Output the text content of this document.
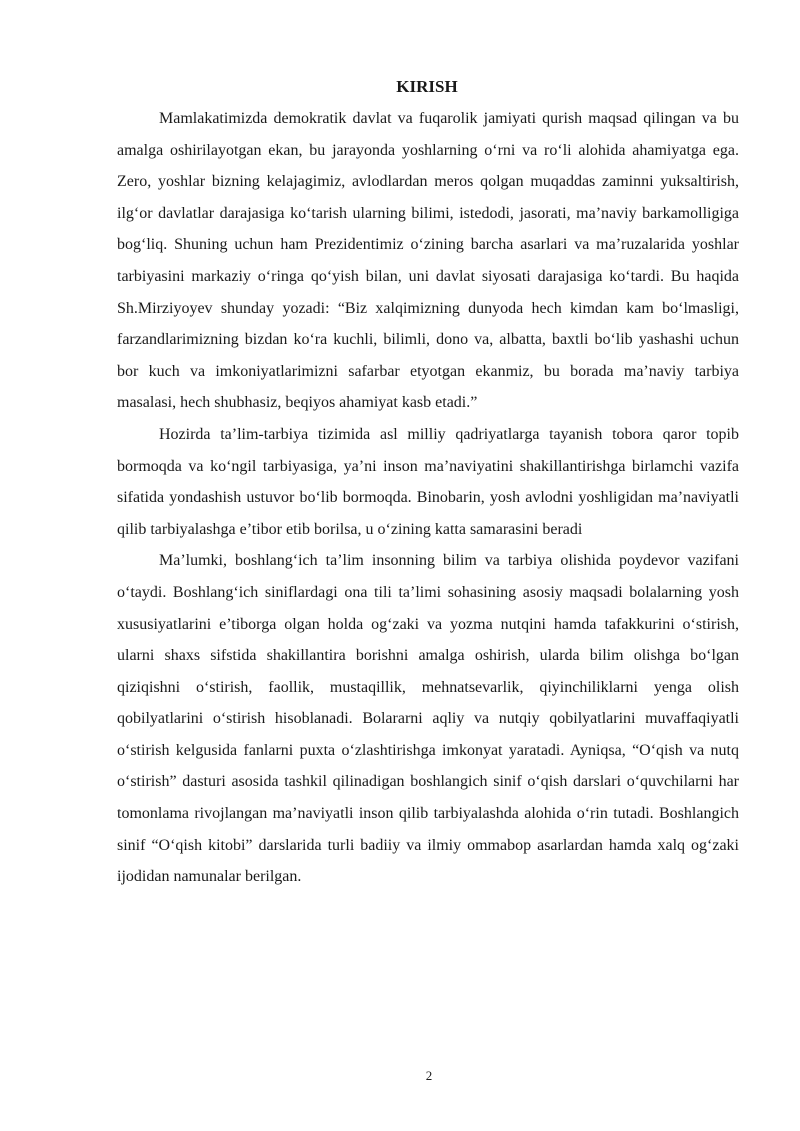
KIRISH

Mamlakatimizda demokratik davlat va fuqarolik jamiyati qurish maqsad qilingan va bu amalga oshirilayotgan ekan, bu jarayonda yoshlarning o‘rni va ro‘li alohida ahamiyatga ega. Zero, yoshlar bizning kelajagimiz, avlodlardan meros qolgan muqaddas zaminni yuksaltirish, ilg‘or davlatlar darajasiga ko‘tarish ularning bilimi, istedodi, jasorati, ma’naviy barkamolligiga bog‘liq. Shuning uchun ham Prezidentimiz o‘zining barcha asarlari va ma’ruzalarida yoshlar tarbiyasini markaziy o‘ringa qo‘yish bilan, uni davlat siyosati darajasiga ko‘tardi. Bu haqida Sh.Mirziyoyev shunday yozadi: “Biz xalqimizning dunyoda hech kimdan kam bo‘lmasligi, farzandlarimizning bizdan ko‘ra kuchli, bilimli, dono va, albatta, baxtli bo‘lib yashashi uchun bor kuch va imkoniyatlarimizni safarbar etyotgan ekanmiz, bu borada ma’naviy tarbiya masalasi, hech shubhasiz, beqiyos ahamiyat kasb etadi.”

Hozirda ta’lim-tarbiya tizimida asl milliy qadriyatlarga tayanish tobora qaror topib bormoqda va ko‘ngil tarbiyasiga, ya’ni inson ma’naviyatini shakillantirishga birlamchi vazifa sifatida yondashish ustuvor bo‘lib bormoqda. Binobarin, yosh avlodni yoshligidan ma’naviyatli qilib tarbiyalashga e’tibor etib borilsa, u o‘zining katta samarasini beradi

Ma’lumki, boshlang‘ich ta’lim insonning bilim va tarbiya olishida poydevor vazifani o‘taydi. Boshlang‘ich siniflardagi ona tili ta’limi sohasining asosiy maqsadi bolalarning yosh xususiyatlarini e’tiborga olgan holda og‘zaki va yozma nutqini hamda tafakkurini o‘stirish, ularni shaxs sifstida shakillantira borishni amalga oshirish, ularda bilim olishga bo‘lgan qiziqishni o‘stirish, faollik, mustaqillik, mehnatsevarlik, qiyinchiliklarni yenga olish qobilyatlarini o‘stirish hisoblanadi. Bolararni aqliy va nutqiy qobilyatlarini muvaffaqiyatli o‘stirish kelgusida fanlarni puxta o‘zlashtirishga imkonyat yaratadi. Ayniqsa, “O‘qish va nutq o‘stirish” dasturi asosida tashkil qilinadigan boshlangich sinif o‘qish darslari o‘quvchilarni har tomonlama rivojlangan ma’naviyatli inson qilib tarbiyalashda alohida o‘rin tutadi. Boshlangich sinif “O‘qish kitobi” darslarida turli badiiy va ilmiy ommabop asarlardan hamda xalq og‘zaki ijodidan namunalar berilgan.

2
